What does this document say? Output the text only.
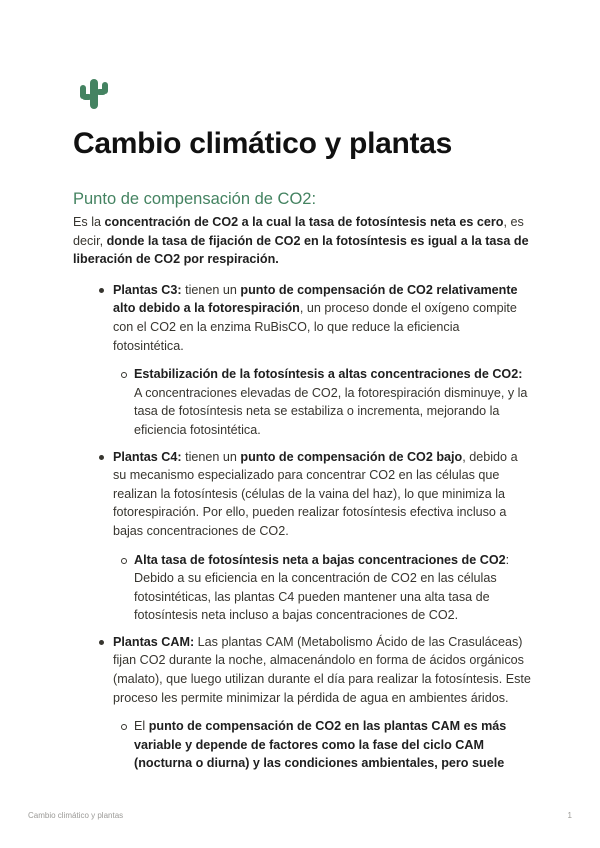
Cambio climático y plantas
Punto de compensación de CO2:

Es la concentración de CO2 a la cual la tasa de fotosíntesis neta es cero, es decir, donde la tasa de fijación de CO2 en la fotosíntesis es igual a la tasa de liberación de CO2 por respiración.

Plantas C3: tienen un punto de compensación de CO2 relativamente alto debido a la fotorespiración, un proceso donde el oxígeno compite con el CO2 en la enzima RuBisCO, lo que reduce la eficiencia fotosintética.
Estabilización de la fotosíntesis a altas concentraciones de CO2: A concentraciones elevadas de CO2, la fotorespiración disminuye, y la tasa de fotosíntesis neta se estabiliza o incrementa, mejorando la eficiencia fotosintética.
Plantas C4: tienen un punto de compensación de CO2 bajo, debido a su mecanismo especializado para concentrar CO2 en las células que realizan la fotosíntesis (células de la vaina del haz), lo que minimiza la fotorespiración. Por ello, pueden realizar fotosíntesis efectiva incluso a bajas concentraciones de CO2.
Alta tasa de fotosíntesis neta a bajas concentraciones de CO2: Debido a su eficiencia en la concentración de CO2 en las células fotosintéticas, las plantas C4 pueden mantener una alta tasa de fotosíntesis neta incluso a bajas concentraciones de CO2.
Plantas CAM: Las plantas CAM (Metabolismo Ácido de las Crasuláceas) fijan CO2 durante la noche, almacenándolo en forma de ácidos orgánicos (malato), que luego utilizan durante el día para realizar la fotosíntesis. Este proceso les permite minimizar la pérdida de agua en ambientes áridos.
El punto de compensación de CO2 en las plantas CAM es más variable y depende de factores como la fase del ciclo CAM (nocturna o diurna) y las condiciones ambientales, pero suele
Cambio climático y plantas	1
